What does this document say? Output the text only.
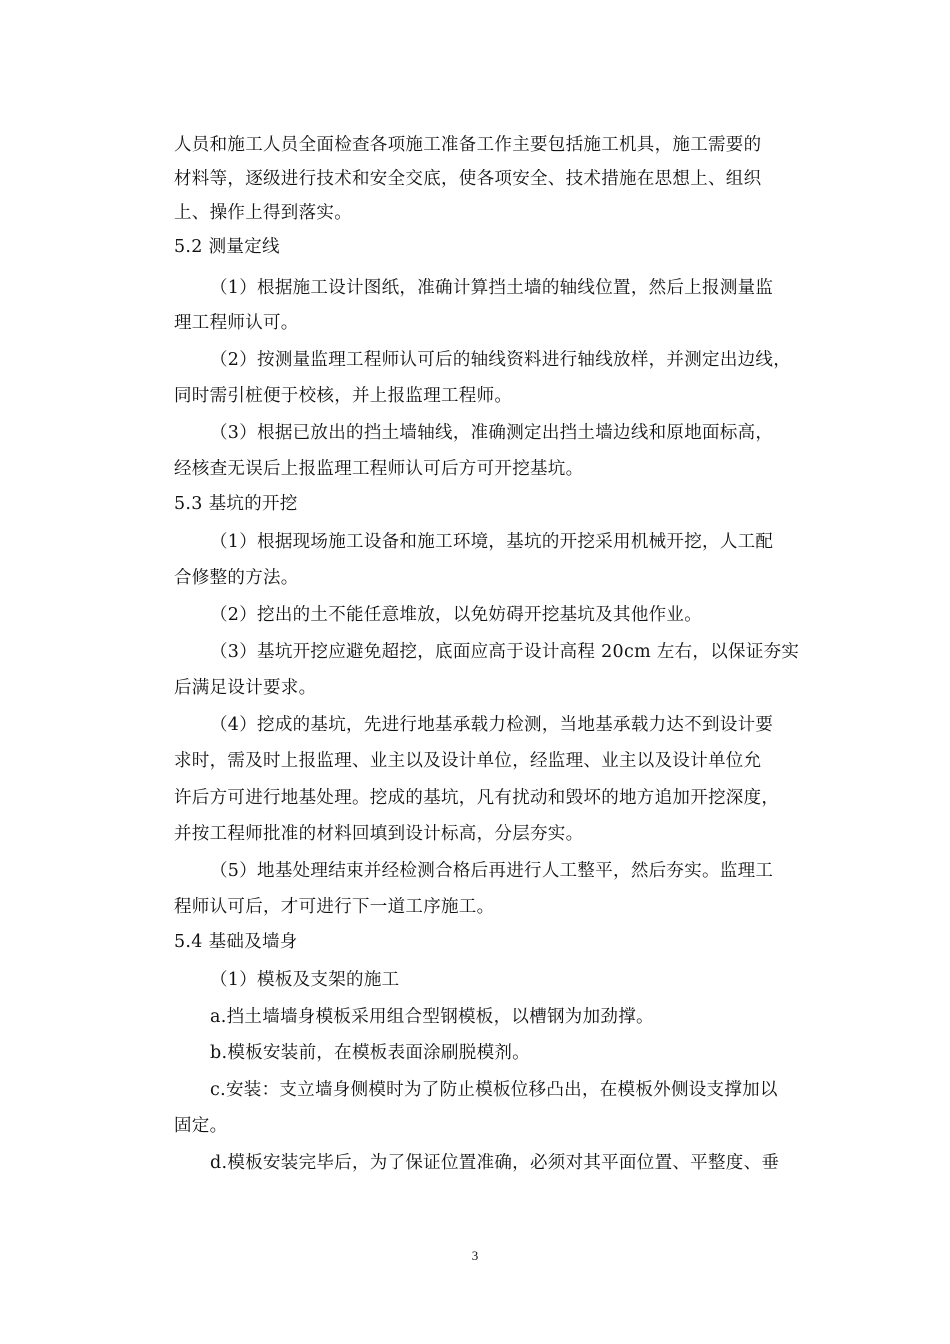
人员和施工人员全面检查各项施工准备工作主要包括施工机具，施工需要的
材料等，逐级进行技术和安全交底，使各项安全、技术措施在思想上、组织
上、操作上得到落实。
5.2 测量定线
（1）根据施工设计图纸，准确计算挡土墙的轴线位置，然后上报测量监
理工程师认可。
（2）按测量监理工程师认可后的轴线资料进行轴线放样，并测定出边线，
同时需引桩便于校核，并上报监理工程师。
（3）根据已放出的挡土墙轴线，准确测定出挡土墙边线和原地面标高，
经核查无误后上报监理工程师认可后方可开挖基坑。
5.3 基坑的开挖
（1）根据现场施工设备和施工环境，基坑的开挖采用机械开挖，人工配
合修整的方法。
（2）挖出的土不能任意堆放，以免妨碍开挖基坑及其他作业。
（3）基坑开挖应避免超挖，底面应高于设计高程 20cm 左右，以保证夯实
后满足设计要求。
（4）挖成的基坑，先进行地基承载力检测，当地基承载力达不到设计要
求时，需及时上报监理、业主以及设计单位，经监理、业主以及设计单位允
许后方可进行地基处理。挖成的基坑，凡有扰动和毁坏的地方追加开挖深度，
并按工程师批准的材料回填到设计标高，分层夯实。
（5）地基处理结束并经检测合格后再进行人工整平，然后夯实。监理工
程师认可后，才可进行下一道工序施工。
5.4 基础及墙身
（1）模板及支架的施工
a.挡土墙墙身模板采用组合型钢模板，以槽钢为加劲撑。
b.模板安装前，在模板表面涂刷脱模剂。
c.安装：支立墙身侧模时为了防止模板位移凸出，在模板外侧设支撑加以
固定。
d.模板安装完毕后，为了保证位置准确，必须对其平面位置、平整度、垂
3
